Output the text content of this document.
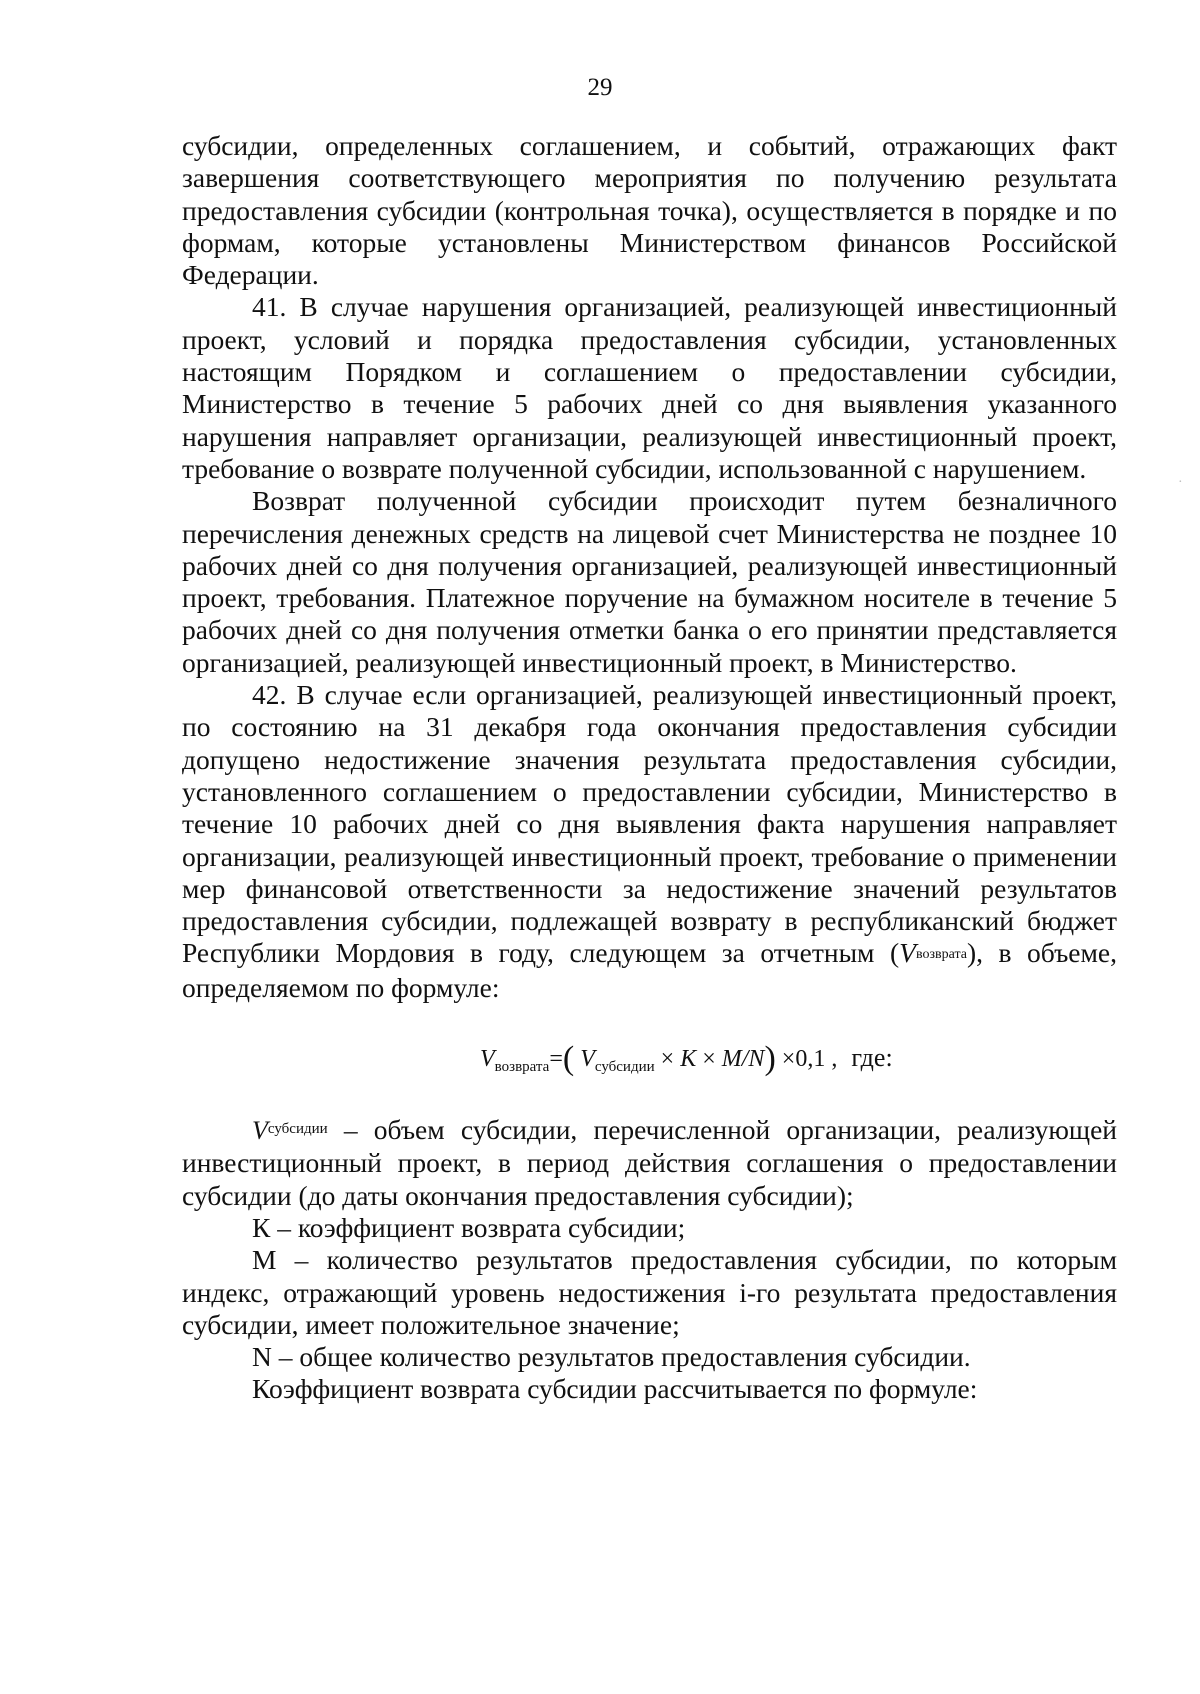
29

субсидии, определенных соглашением, и событий, отражающих факт завершения соответствующего мероприятия по получению результата предоставления субсидии (контрольная точка), осуществляется в порядке и по формам, которые установлены Министерством финансов Российской Федерации.

41. В случае нарушения организацией, реализующей инвестиционный проект, условий и порядка предоставления субсидии, установленных настоящим Порядком и соглашением о предоставлении субсидии, Министерство в течение 5 рабочих дней со дня выявления указанного нарушения направляет организации, реализующей инвестиционный проект, требование о возврате полученной субсидии, использованной с нарушением.

Возврат полученной субсидии происходит путем безналичного перечисления денежных средств на лицевой счет Министерства не позднее 10 рабочих дней со дня получения организацией, реализующей инвестиционный проект, требования. Платежное поручение на бумажном носителе в течение 5 рабочих дней со дня получения отметки банка о его принятии представляется организацией, реализующей инвестиционный проект, в Министерство.

42. В случае если организацией, реализующей инвестиционный проект, по состоянию на 31 декабря года окончания предоставления субсидии допущено недостижение значения результата предоставления субсидии, установленного соглашением о предоставлении субсидии, Министерство в течение 10 рабочих дней со дня выявления факта нарушения направляет организации, реализующей инвестиционный проект, требование о применении мер финансовой ответственности за недостижение значений результатов предоставления субсидии, подлежащей возврату в республиканский бюджет Республики Мордовия в году, следующем за отчетным (Vвозврата), в объеме, определяемом по формуле:

$V_{возврата}=$( $V_{субсидии} \times K \times M/N) \times 0,1$ , где:

$V^{субсидии}$ – объем субсидии, перечисленной организации, реализующей инвестиционный проект, в период действия соглашения о предоставлении субсидии (до даты окончания предоставления субсидии);

К – коэффициент возврата субсидии;

М – количество результатов предоставления субсидии, по которым индекс, отражающий уровень недостижения i-го результата предоставления субсидии, имеет положительное значение;

N – общее количество результатов предоставления субсидии.

Коэффициент возврата субсидии рассчитывается по формуле:

·
